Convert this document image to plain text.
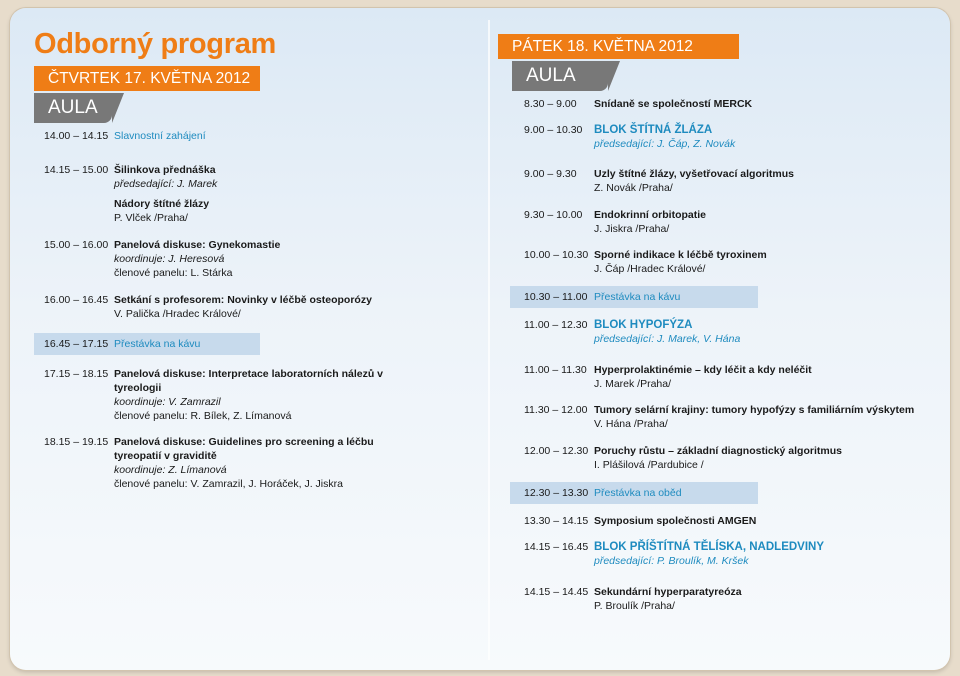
Odborný program
ČTVRTEK 17. KVĚTNA 2012
AULA
14.00 – 14.15 Slavnostní zahájení
14.15 – 15.00 Šilinkova přednáška
předsedající: J. Marek
Nádory štítné žlázy
P. Vlček /Praha/
15.00 – 16.00 Panelová diskuse: Gynekomastie
koordinuje: J. Heresová
členové panelu: L. Stárka
16.00 – 16.45 Setkání s profesorem: Novinky v léčbě osteoporózy
V. Palička /Hradec Králové/
16.45 – 17.15 Přestávka na kávu
17.15 – 18.15 Panelová diskuse: Interpretace laboratorních nálezů v tyreologii
koordinuje: V. Zamrazil
členové panelu: R. Bílek, Z. Límanová
18.15 – 19.15 Panelová diskuse: Guidelines pro screening a léčbu tyreopatií v graviditě
koordinuje: Z. Límanová
členové panelu: V. Zamrazil, J. Horáček, J. Jiskra
PÁTEK 18. KVĚTNA 2012
AULA
8.30 – 9.00 Snídaně se společností MERCK
9.00 – 10.30 BLOK ŠTÍTNÁ ŽLÁZA
předsedající: J. Čáp, Z. Novák
9.00 – 9.30 Uzly štítné žlázy, vyšetřovací algoritmus
Z. Novák /Praha/
9.30 – 10.00 Endokrinní orbitopatie
J. Jiskra /Praha/
10.00 – 10.30 Sporné indikace k léčbě tyroxinem
J. Čáp /Hradec Králové/
10.30 – 11.00 Přestávka na kávu
11.00 – 12.30 BLOK HYPOFÝZA
předsedající: J. Marek, V. Hána
11.00 – 11.30 Hyperprolaktinémie – kdy léčit a kdy neléčit
J. Marek /Praha/
11.30 – 12.00 Tumory selární krajiny: tumory hypofýzy s familiárním výskytem
V. Hána /Praha/
12.00 – 12.30 Poruchy růstu – základní diagnostický algoritmus
I. Plášilová /Pardubice /
12.30 – 13.30 Přestávka na oběd
13.30 – 14.15 Symposium společnosti AMGEN
14.15 – 16.45 BLOK PŘÍŠTÍTNÁ TĚLÍSKA, NADLEDVINY
předsedající: P. Broulík, M. Kršek
14.15 – 14.45 Sekundární hyperparatyreóza
P. Broulík /Praha/
